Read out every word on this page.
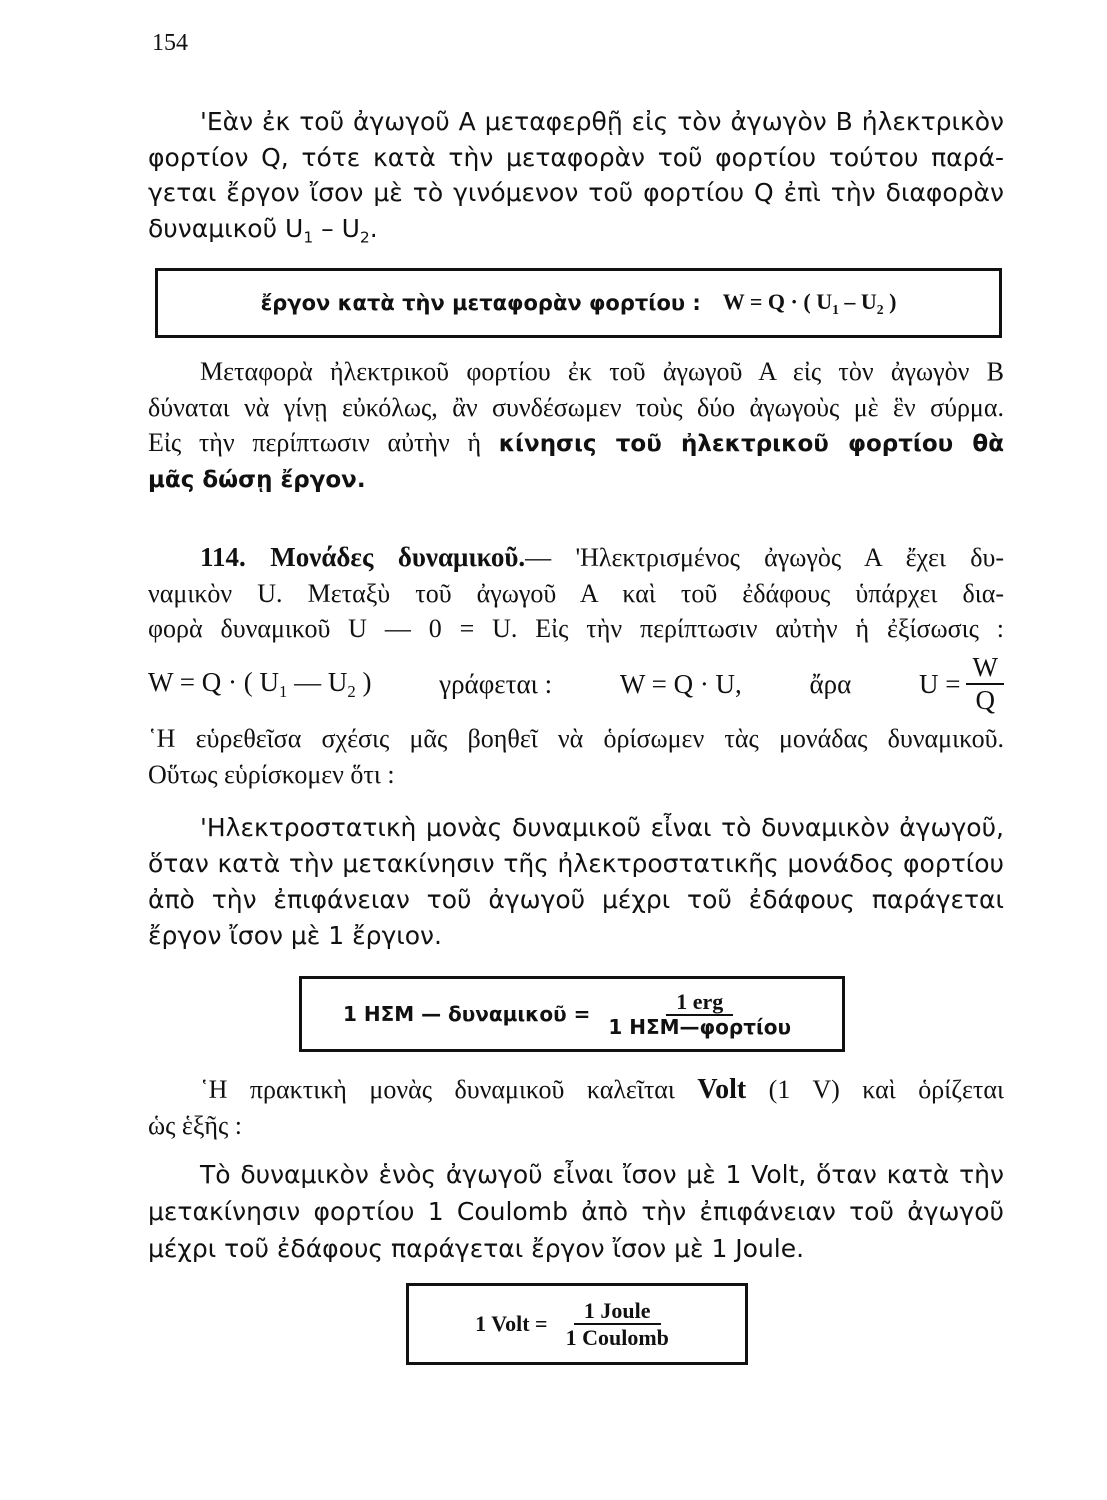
154
'Εὰν ἐκ τοῦ ἀγωγοῦ Α μεταφερθῇ εἰς τὸν ἀγωγὸν Β ἠλεκτρικὸν
φορτίον Q, τότε κατὰ τὴν μεταφορὰν τοῦ φορτίου τούτου παρά-
γεται ἔργον ἴσον μὲ τὸ γινόμενον τοῦ φορτίου Q ἐπὶ τὴν διαφορὰν
δυναμικοῦ $U_1 - U_2$.
ἔργον κατὰ τὴν μεταφορὰν φορτίου : W = Q · ( $U_1 - U_2$ )
Μεταφορὰ ἠλεκτρικοῦ φορτίου ἐκ τοῦ ἀγωγοῦ Α εἰς τὸν ἀγωγὸν Β
δύναται νὰ γίνῃ εὐκόλως, ἂν συνδέσωμεν τοὺς δύο ἀγωγοὺς μὲ ἓν σύρμα.
Εἰς τὴν περίπτωσιν αὐτὴν ἡ κίνησις τοῦ ἠλεκτρικοῦ φορτίου θὰ
μᾶς δώσῃ ἔργον.
114. Μονάδες δυναμικοῦ.— 'Ηλεκτρισμένος ἀγωγὸς Α ἔχει δυ-
ναμικὸν U. Μεταξὺ τοῦ ἀγωγοῦ Α καὶ τοῦ ἐδάφους ὑπάρχει δια-
φορὰ δυναμικοῦ U — 0 = U. Εἰς τὴν περίπτωσιν αὐτὴν ἡ ἐξίσωσις :
W = Q · ( $U_1$ — $U_2$ )	γράφεται :	W = Q · U,	ἄρα	$U = \frac{W}{Q}$
῾Η εὑρεθεῖσα σχέσις μᾶς βοηθεῖ νὰ ὁρίσωμεν τὰς μονάδας δυναμικοῦ.
Οὕτως εὑρίσκομεν ὅτι :
'Ηλεκτροστατικὴ μονὰς δυναμικοῦ εἶναι τὸ δυναμικὸν ἀγωγοῦ,
ὅταν κατὰ τὴν μετακίνησιν τῆς ἠλεκτροστατικῆς μονάδος φορτίου
ἀπὸ τὴν ἐπιφάνειαν τοῦ ἀγωγοῦ μέχρι τοῦ ἐδάφους παράγεται
ἔργον ἴσον μὲ 1 ἔργιον.
1 ΗΣΜ — δυναμικοῦ = $\frac{\text{1 erg}}{\text{1 ΗΣΜ—φορτίου}}$
῾Η πρακτικὴ μονὰς δυναμικοῦ καλεῖται Volt (1 V) καὶ ὁρίζεται
ὡς ἑξῆς :
Τὸ δυναμικὸν ἑνὸς ἀγωγοῦ εἶναι ἴσον μὲ 1 Volt, ὅταν κατὰ τὴν
μετακίνησιν φορτίου 1 Coulomb ἀπὸ τὴν ἐπιφάνειαν τοῦ ἀγωγοῦ
μέχρι τοῦ ἐδάφους παράγεται ἔργον ἴσον μὲ 1 Joule.
1 Volt = $\frac{\text{1 Joule}}{\text{1 Coulomb}}$
